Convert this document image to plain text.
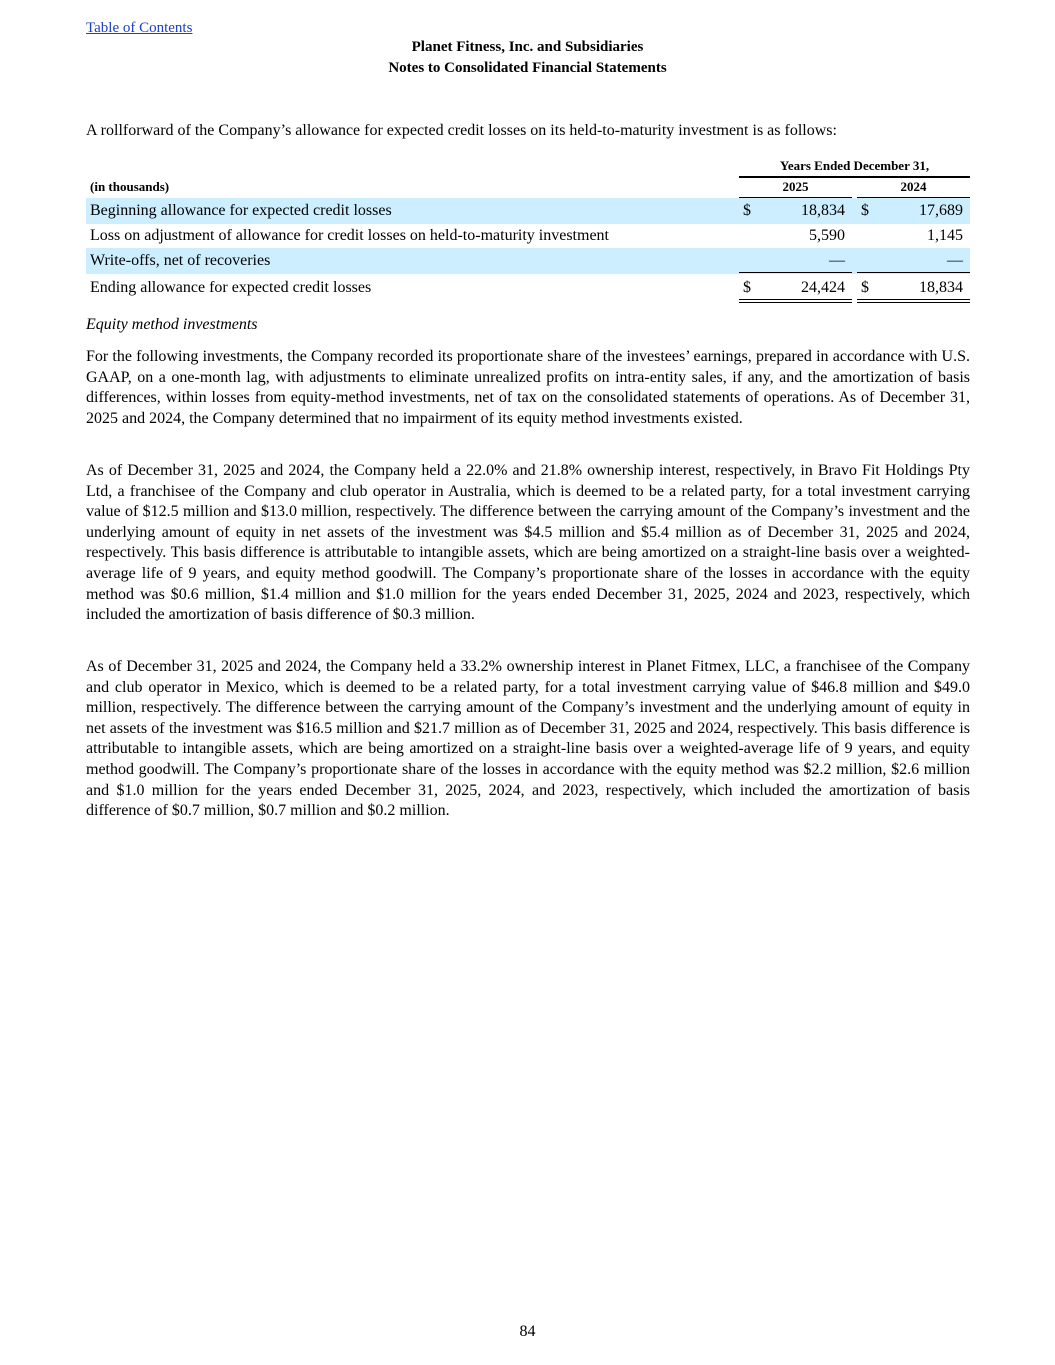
Table of Contents
Planet Fitness, Inc. and Subsidiaries
Notes to Consolidated Financial Statements
A rollforward of the Company’s allowance for expected credit losses on its held-to-maturity investment is as follows:
Years Ended December 31,
(in thousands)	2025	2024
Beginning allowance for expected credit losses	$	18,834 $	17,689
Loss on adjustment of allowance for credit losses on held-to-maturity investment	5,590	1,145
Write-offs, net of recoveries	—	—
Ending allowance for expected credit losses	$	24,424 $	18,834
Equity method investments

For the following investments, the Company recorded its proportionate share of the investees’ earnings, prepared in accordance with U.S. GAAP, on a one-month lag, with adjustments to eliminate unrealized profits on intra-entity sales, if any, and the amortization of basis differences, within losses from equity-method investments, net of tax on the consolidated statements of operations. As of December 31, 2025 and 2024, the Company determined that no impairment of its equity method investments existed.

As of December 31, 2025 and 2024, the Company held a 22.0% and 21.8% ownership interest, respectively, in Bravo Fit Holdings Pty Ltd, a franchisee of the Company and club operator in Australia, which is deemed to be a related party, for a total investment carrying value of $12.5 million and $13.0 million, respectively. The difference between the carrying amount of the Company’s investment and the underlying amount of equity in net assets of the investment was $4.5 million and $5.4 million as of December 31, 2025 and 2024, respectively. This basis difference is attributable to intangible assets, which are being amortized on a straight-line basis over a weighted-average life of 9 years, and equity method goodwill. The Company’s proportionate share of the losses in accordance with the equity method was $0.6 million, $1.4 million and $1.0 million for the years ended December 31, 2025, 2024 and 2023, respectively, which included the amortization of basis difference of $0.3 million.

As of December 31, 2025 and 2024, the Company held a 33.2% ownership interest in Planet Fitmex, LLC, a franchisee of the Company and club operator in Mexico, which is deemed to be a related party, for a total investment carrying value of $46.8 million and $49.0 million, respectively. The difference between the carrying amount of the Company’s investment and the underlying amount of equity in net assets of the investment was $16.5 million and $21.7 million as of December 31, 2025 and 2024, respectively. This basis difference is attributable to intangible assets, which are being amortized on a straight-line basis over a weighted-average life of 9 years, and equity method goodwill. The Company’s proportionate share of the losses in accordance with the equity method was $2.2 million, $2.6 million and $1.0 million for the years ended December 31, 2025, 2024, and 2023, respectively, which included the amortization of basis difference of $0.7 million, $0.7 million and $0.2 million.

84
